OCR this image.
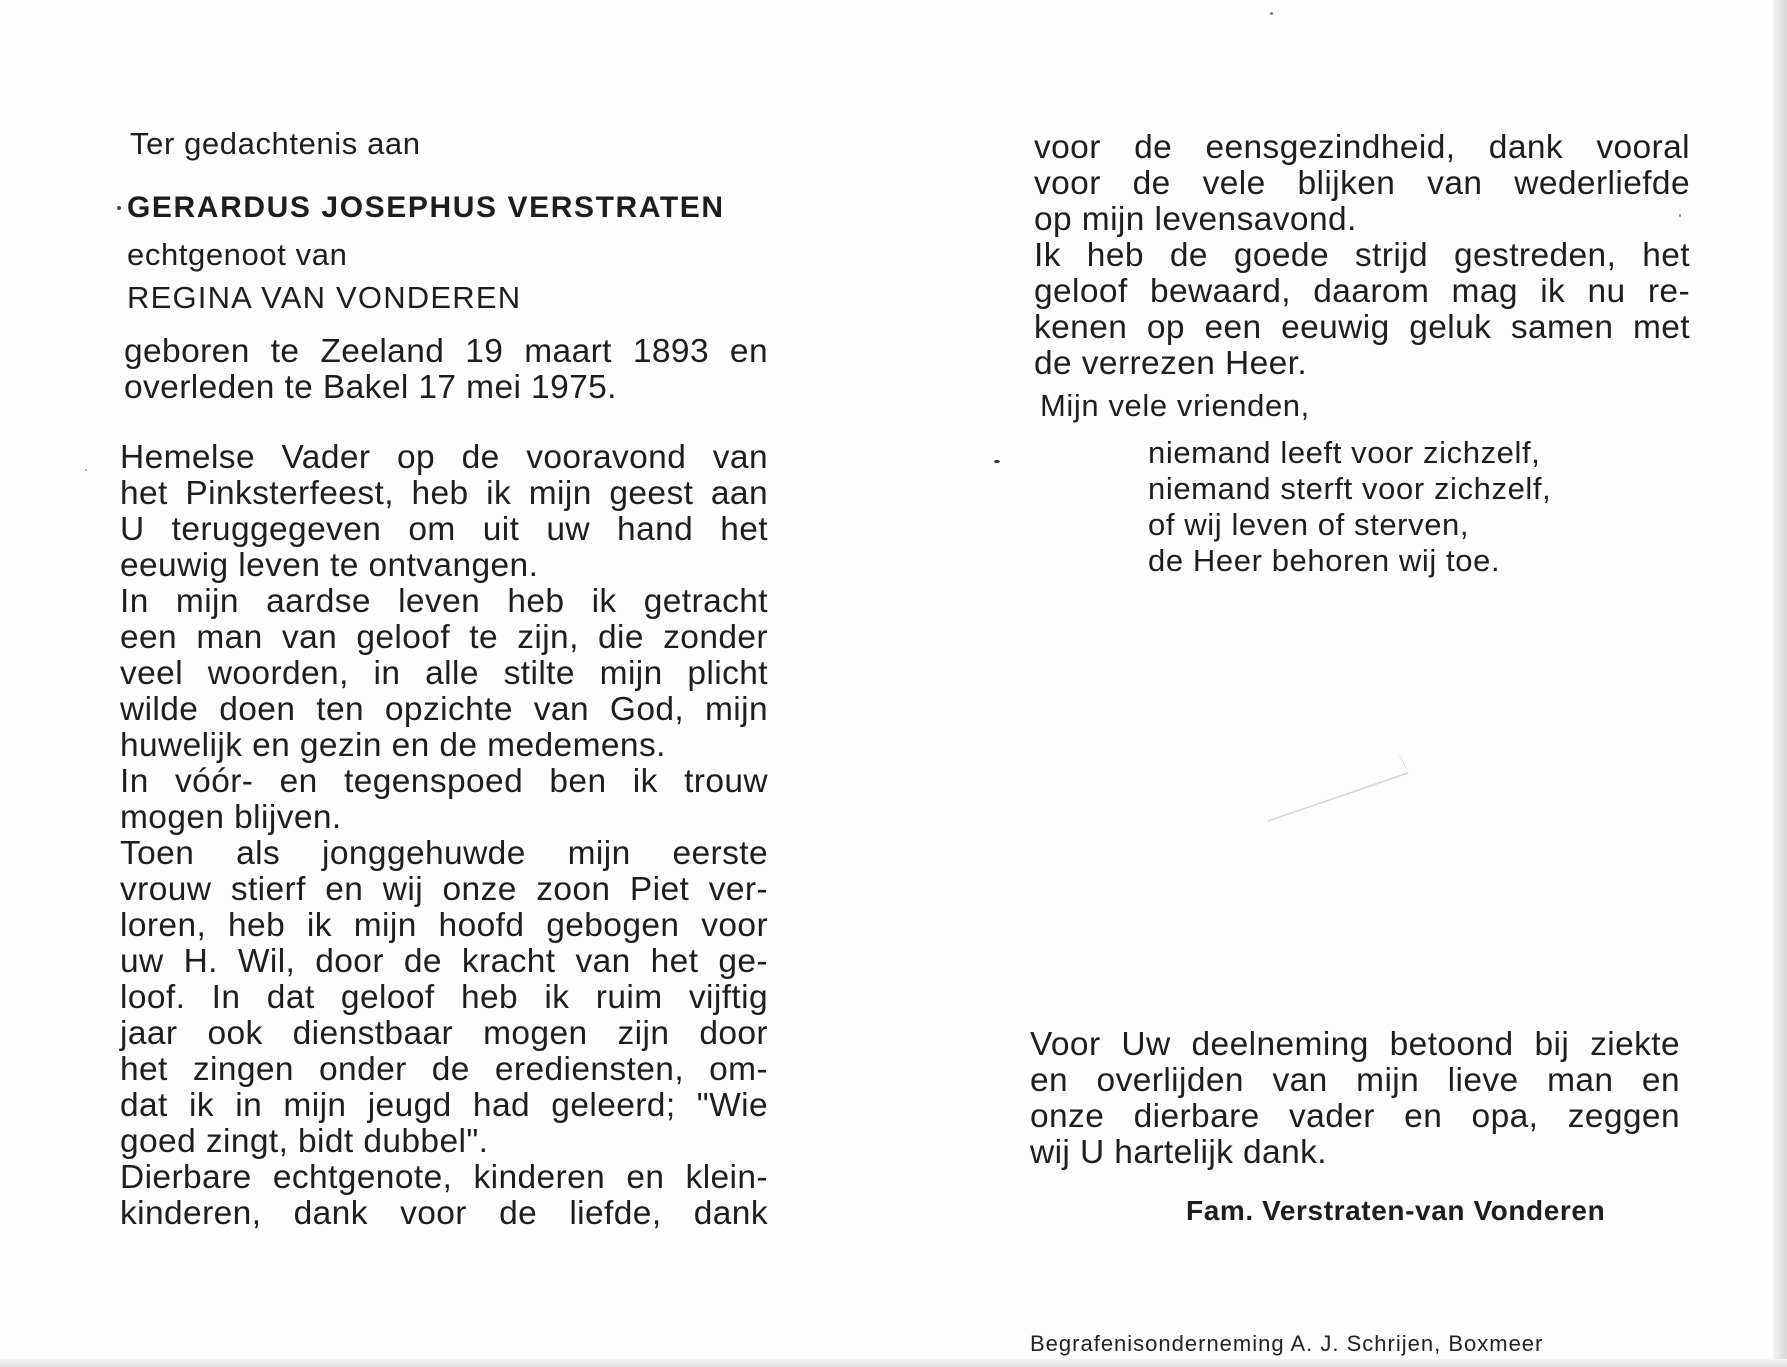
Ter gedachtenis aan
GERARDUS JOSEPHUS VERSTRATEN
echtgenoot van
REGINA VAN VONDEREN
geboren te Zeeland 19 maart 1893 en
overleden te Bakel 17 mei 1975.
Hemelse Vader op de vooravond van
het Pinksterfeest, heb ik mijn geest aan
U teruggegeven om uit uw hand het
eeuwig leven te ontvangen.
In mijn aardse leven heb ik getracht
een man van geloof te zijn, die zonder
veel woorden, in alle stilte mijn plicht
wilde doen ten opzichte van God, mijn
huwelijk en gezin en de medemens.
In vóór- en tegenspoed ben ik trouw
mogen blijven.
Toen als jonggehuwde mijn eerste
vrouw stierf en wij onze zoon Piet ver-
loren, heb ik mijn hoofd gebogen voor
uw H. Wil, door de kracht van het ge-
loof. In dat geloof heb ik ruim vijftig
jaar ook dienstbaar mogen zijn door
het zingen onder de erediensten, om-
dat ik in mijn jeugd had geleerd; "Wie
goed zingt, bidt dubbel".
Dierbare echtgenote, kinderen en klein-
kinderen, dank voor de liefde, dank
voor de eensgezindheid, dank vooral
voor de vele blijken van wederliefde
op mijn levensavond.
Ik heb de goede strijd gestreden, het
geloof bewaard, daarom mag ik nu re-
kenen op een eeuwig geluk samen met
de verrezen Heer.
Mijn vele vrienden,
niemand leeft voor zichzelf,
niemand sterft voor zichzelf,
of wij leven of sterven,
de Heer behoren wij toe.
Voor Uw deelneming betoond bij ziekte
en overlijden van mijn lieve man en
onze dierbare vader en opa, zeggen
wij U hartelijk dank.
Fam. Verstraten-van Vonderen
Begrafenisonderneming A. J. Schrijen, Boxmeer
